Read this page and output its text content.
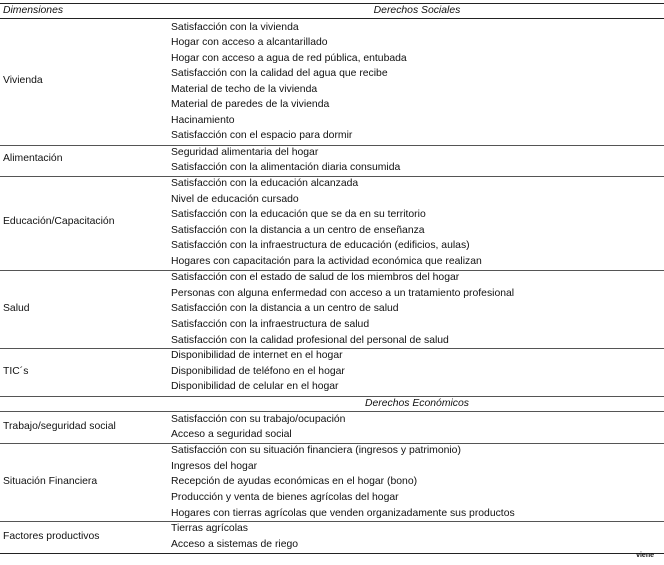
Dimensiones	Derechos Sociales
Vivienda
Satisfacción con la vivienda
Hogar con acceso a alcantarillado
Hogar con acceso a agua de red pública, entubada
Satisfacción con la calidad del agua que recibe
Material de techo de la vivienda
Material de paredes de la vivienda
Hacinamiento
Satisfacción con el espacio para dormir
Alimentación
Seguridad alimentaria del hogar
Satisfacción con la alimentación diaria consumida
Educación/Capacitación
Satisfacción con la educación alcanzada
Nivel de educación cursado
Satisfacción con la educación que se da en su territorio
Satisfacción con la distancia a un centro de enseñanza
Satisfacción con la infraestructura de educación (edificios, aulas)
Hogares con capacitación para la actividad económica que realizan
Salud
Satisfacción con el estado de salud de los miembros del hogar
Personas con alguna enfermedad con acceso a un tratamiento profesional
Satisfacción con la distancia a un centro de salud
Satisfacción con la infraestructura de salud
Satisfacción con la calidad profesional del personal de salud
TIC´s
Disponibilidad de internet en el hogar
Disponibilidad de teléfono en el hogar
Disponibilidad de celular en el hogar
Derechos Económicos
Trabajo/seguridad social
Satisfacción con su trabajo/ocupación
Acceso a seguridad social
Situación Financiera
Satisfacción con su situación financiera (ingresos y patrimonio)
Ingresos del hogar
Recepción de ayudas económicas en el hogar (bono)
Producción y venta de bienes agrícolas del hogar
Hogares con tierras agrícolas que venden organizadamente sus productos
Factores productivos
Tierras agrícolas
Acceso a sistemas de riego
viene
